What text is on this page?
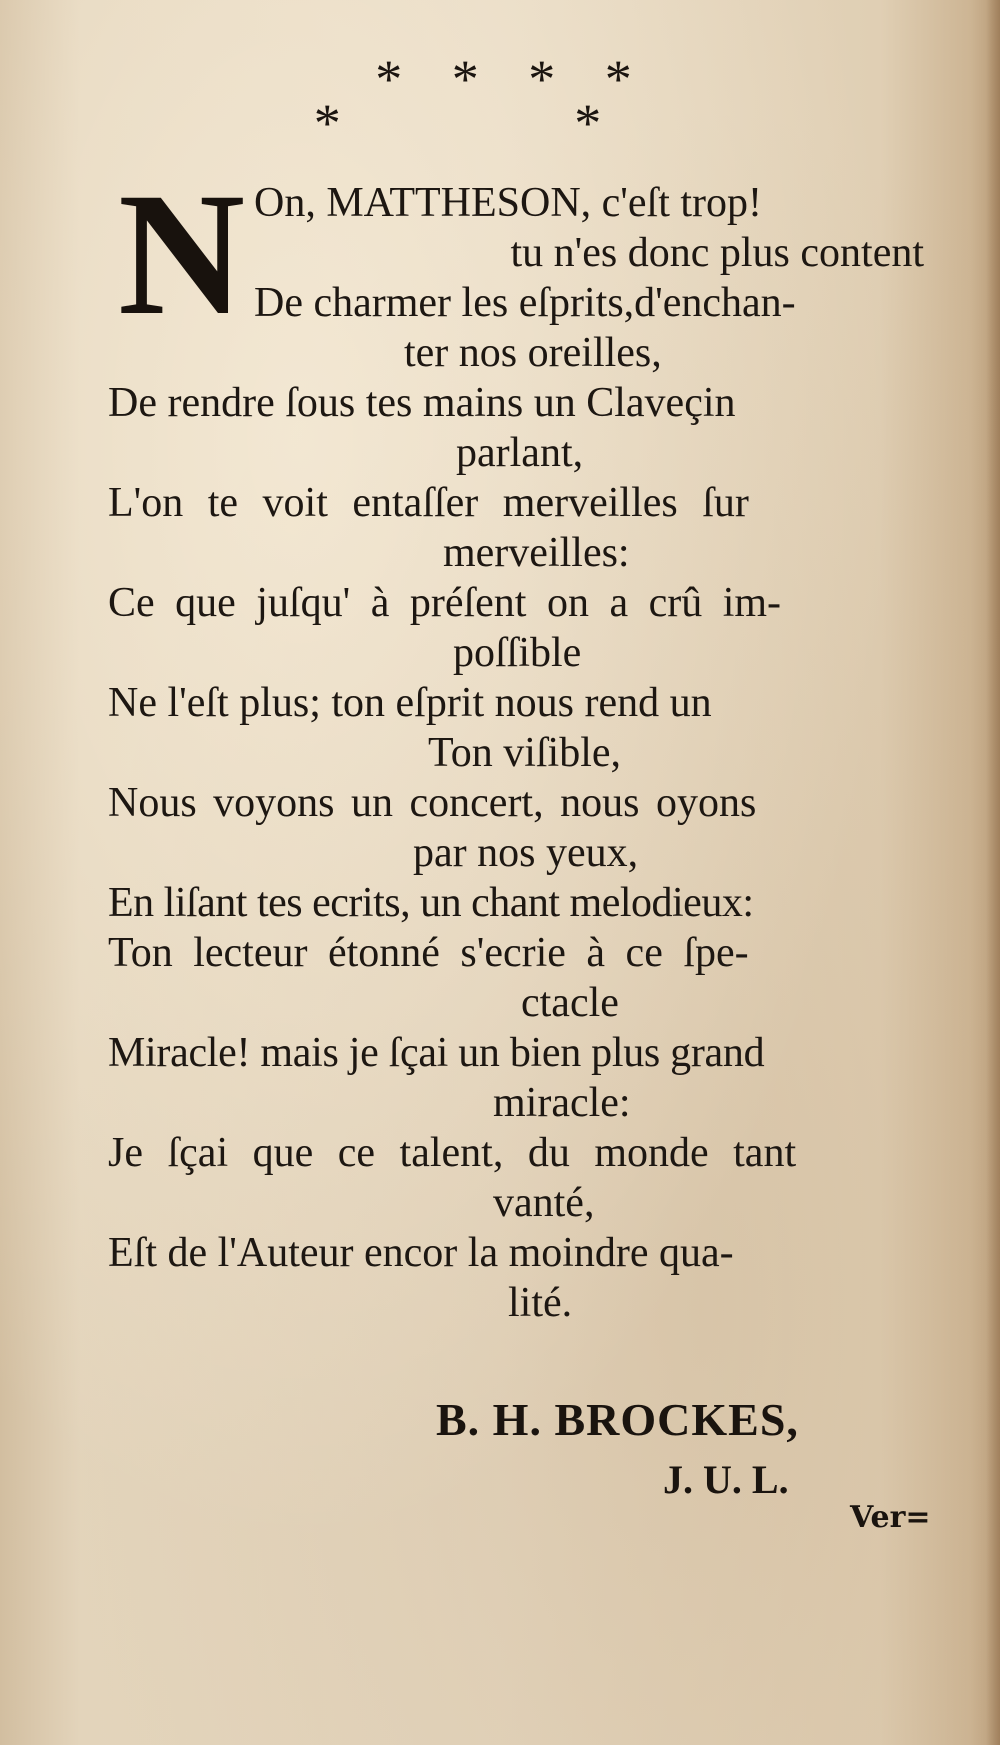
* * * *
* *
N On, MATTHESON, c'eſt trop!
tu n'es donc plus content
De charmer les eſprits,d'enchan-
ter nos oreilles,
De rendre ſous tes mains un Claveçin
parlant,
L'on te voit entaſſer merveilles ſur
merveilles:
Ce que juſqu' à préſent on a crû im-
poſſible
Ne l'eſt plus; ton eſprit nous rend un
Ton viſible,
Nous voyons un concert, nous oyons
par nos yeux,
En liſant tes ecrits, un chant melodieux:
Ton lecteur étonné s'ecrie à ce ſpe-
ctacle
Miracle! mais je ſçai un bien plus grand
miracle:
Je ſçai que ce talent, du monde tant
vanté,
Eſt de l'Auteur encor la moindre qua-
lité.
B. H. BROCKES,
J. U. L.
Ver=
